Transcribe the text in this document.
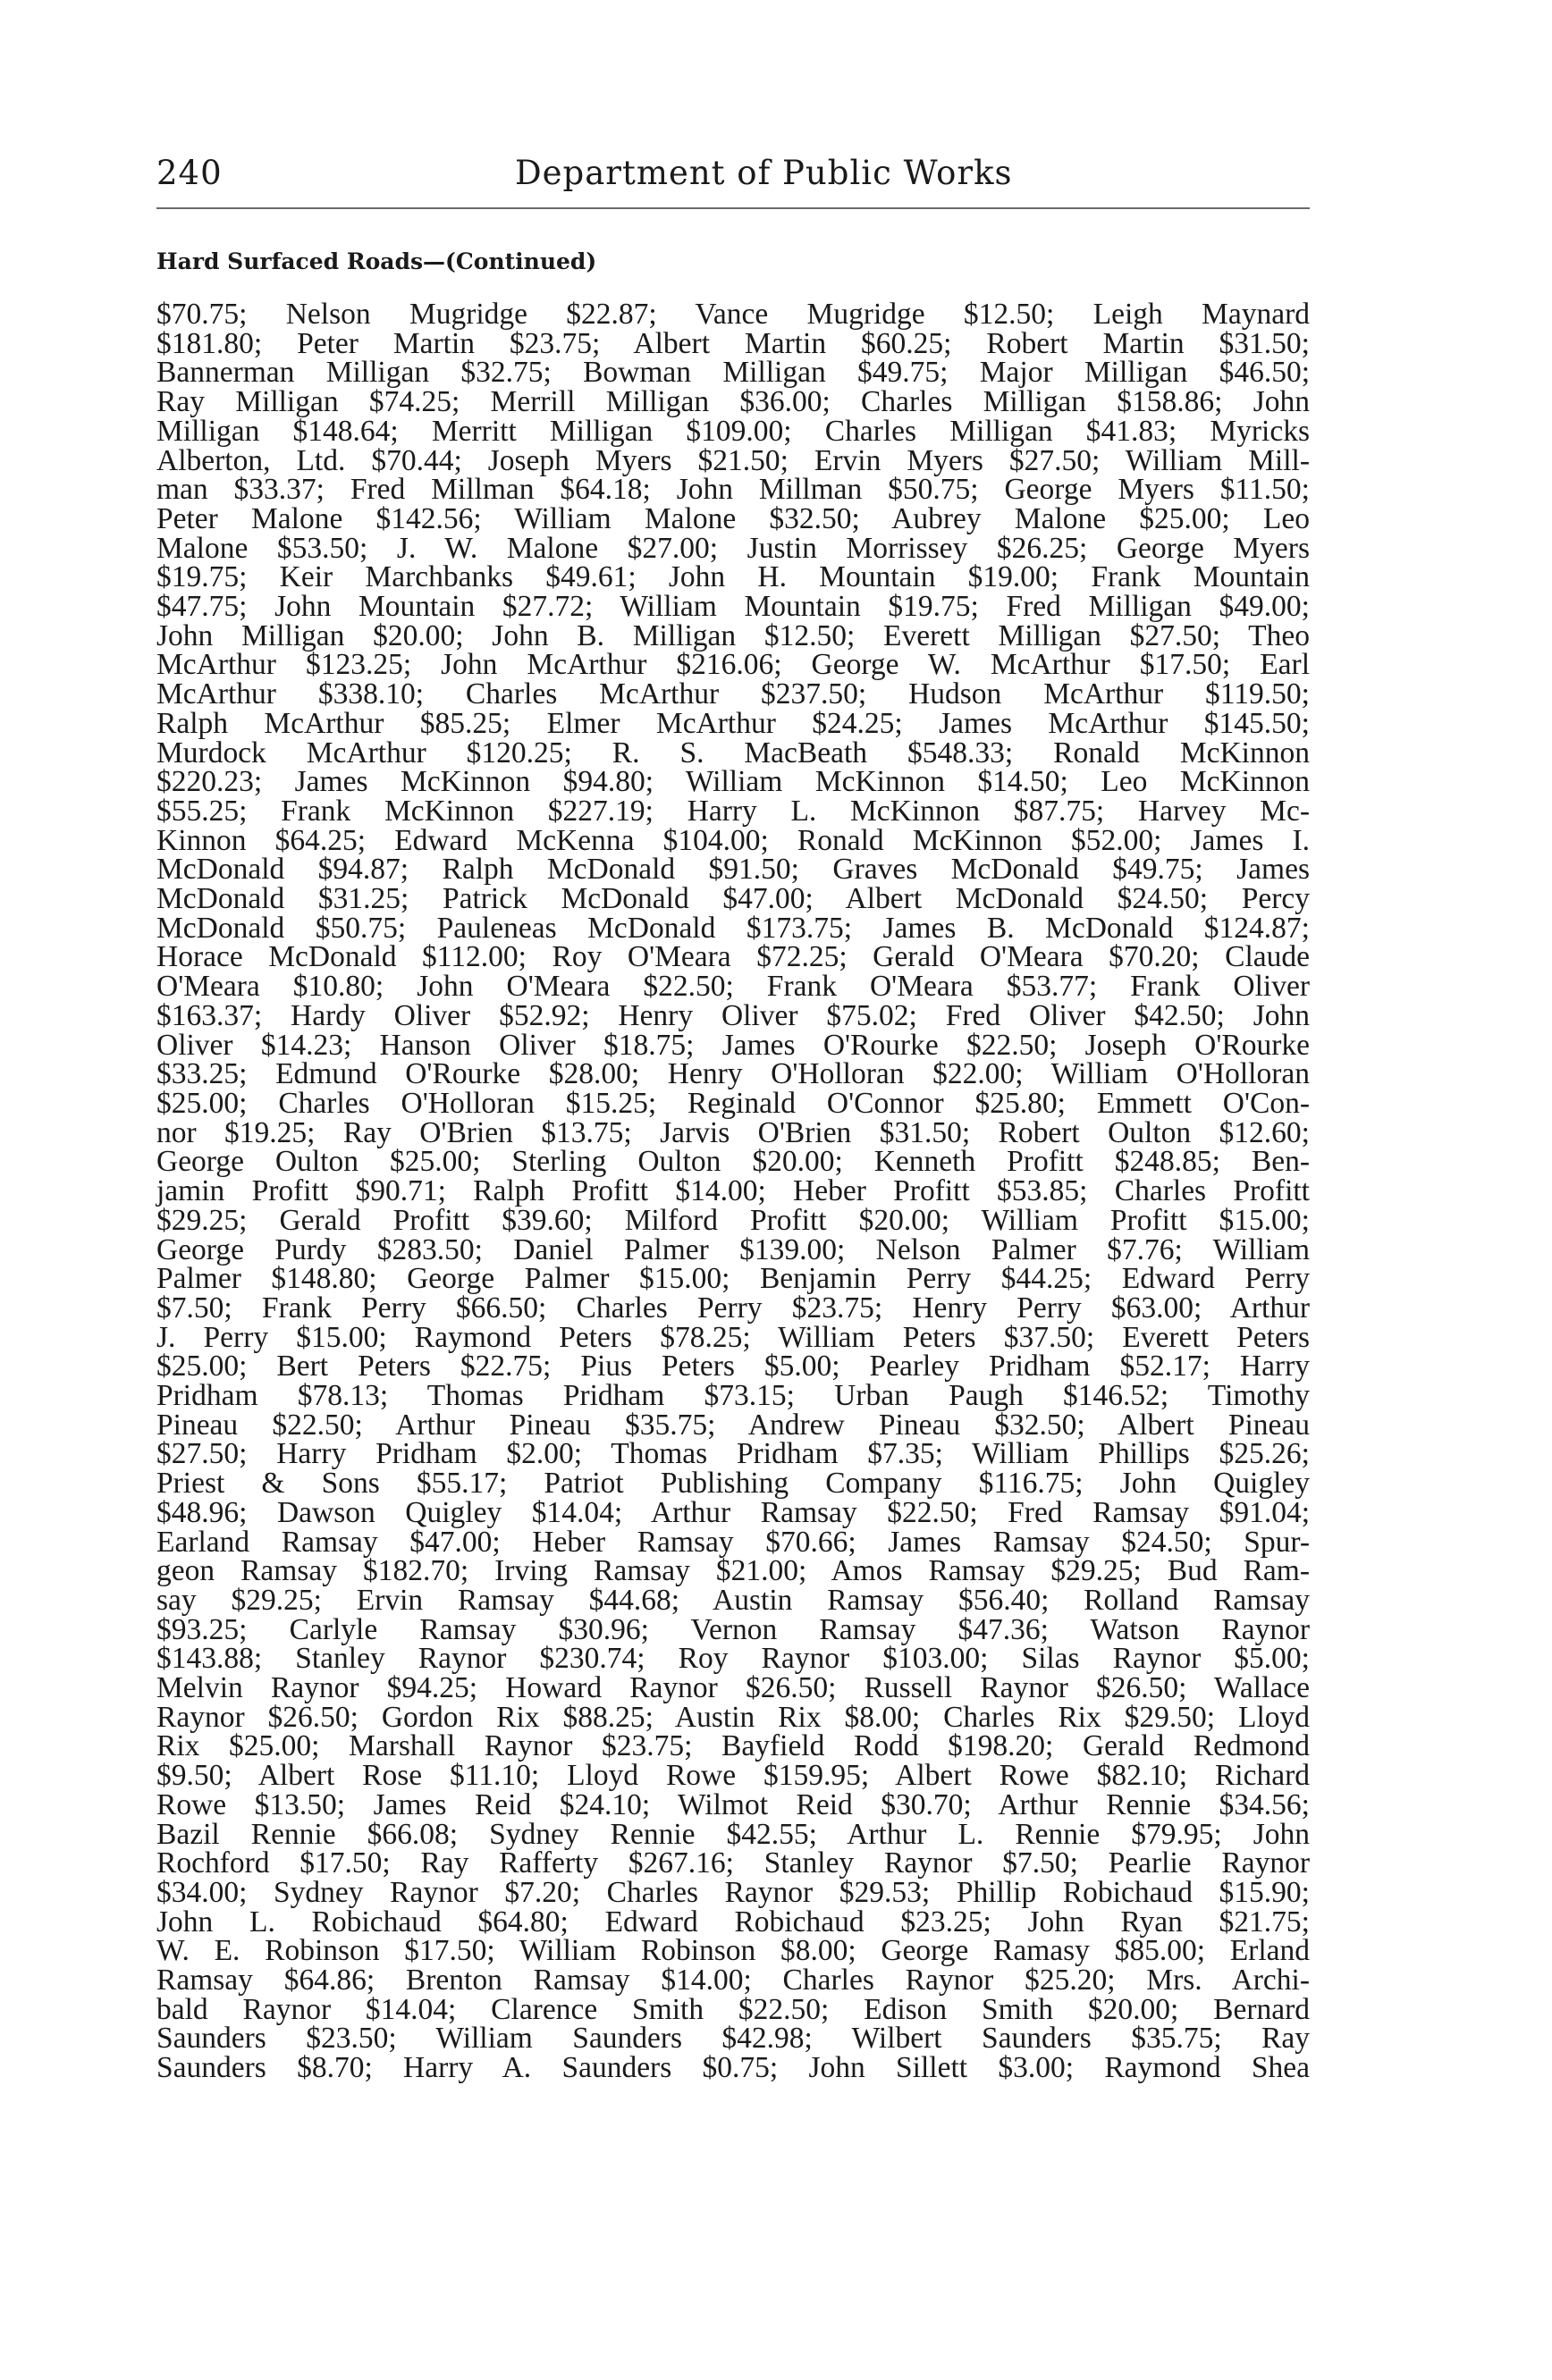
240	Department of Public Works
Hard Surfaced Roads—(Continued)
$70.75; Nelson Mugridge $22.87; Vance Mugridge $12.50; Leigh Maynard
$181.80; Peter Martin $23.75; Albert Martin $60.25; Robert Martin $31.50;
Bannerman Milligan $32.75; Bowman Milligan $49.75; Major Milligan $46.50;
Ray Milligan $74.25; Merrill Milligan $36.00; Charles Milligan $158.86; John
Milligan $148.64; Merritt Milligan $109.00; Charles Milligan $41.83; Myricks
Alberton, Ltd. $70.44; Joseph Myers $21.50; Ervin Myers $27.50; William Mill-
man $33.37; Fred Millman $64.18; John Millman $50.75; George Myers $11.50;
Peter Malone $142.56; William Malone $32.50; Aubrey Malone $25.00; Leo
Malone $53.50; J. W. Malone $27.00; Justin Morrissey $26.25; George Myers
$19.75; Keir Marchbanks $49.61; John H. Mountain $19.00; Frank Mountain
$47.75; John Mountain $27.72; William Mountain $19.75; Fred Milligan $49.00;
John Milligan $20.00; John B. Milligan $12.50; Everett Milligan $27.50; Theo
McArthur $123.25; John McArthur $216.06; George W. McArthur $17.50; Earl
McArthur $338.10; Charles McArthur $237.50; Hudson McArthur $119.50;
Ralph McArthur $85.25; Elmer McArthur $24.25; James McArthur $145.50;
Murdock McArthur $120.25; R. S. MacBeath $548.33; Ronald McKinnon
$220.23; James McKinnon $94.80; William McKinnon $14.50; Leo McKinnon
$55.25; Frank McKinnon $227.19; Harry L. McKinnon $87.75; Harvey Mc-
Kinnon $64.25; Edward McKenna $104.00; Ronald McKinnon $52.00; James I.
McDonald $94.87; Ralph McDonald $91.50; Graves McDonald $49.75; James
McDonald $31.25; Patrick McDonald $47.00; Albert McDonald $24.50; Percy
McDonald $50.75; Pauleneas McDonald $173.75; James B. McDonald $124.87;
Horace McDonald $112.00; Roy O'Meara $72.25; Gerald O'Meara $70.20; Claude
O'Meara $10.80; John O'Meara $22.50; Frank O'Meara $53.77; Frank Oliver
$163.37; Hardy Oliver $52.92; Henry Oliver $75.02; Fred Oliver $42.50; John
Oliver $14.23; Hanson Oliver $18.75; James O'Rourke $22.50; Joseph O'Rourke
$33.25; Edmund O'Rourke $28.00; Henry O'Holloran $22.00; William O'Holloran
$25.00; Charles O'Holloran $15.25; Reginald O'Connor $25.80; Emmett O'Con-
nor $19.25; Ray O'Brien $13.75; Jarvis O'Brien $31.50; Robert Oulton $12.60;
George Oulton $25.00; Sterling Oulton $20.00; Kenneth Profitt $248.85; Ben-
jamin Profitt $90.71; Ralph Profitt $14.00; Heber Profitt $53.85; Charles Profitt
$29.25; Gerald Profitt $39.60; Milford Profitt $20.00; William Profitt $15.00;
George Purdy $283.50; Daniel Palmer $139.00; Nelson Palmer $7.76; William
Palmer $148.80; George Palmer $15.00; Benjamin Perry $44.25; Edward Perry
$7.50; Frank Perry $66.50; Charles Perry $23.75; Henry Perry $63.00; Arthur
J. Perry $15.00; Raymond Peters $78.25; William Peters $37.50; Everett Peters
$25.00; Bert Peters $22.75; Pius Peters $5.00; Pearley Pridham $52.17; Harry
Pridham $78.13; Thomas Pridham $73.15; Urban Paugh $146.52; Timothy
Pineau $22.50; Arthur Pineau $35.75; Andrew Pineau $32.50; Albert Pineau
$27.50; Harry Pridham $2.00; Thomas Pridham $7.35; William Phillips $25.26;
Priest & Sons $55.17; Patriot Publishing Company $116.75; John Quigley
$48.96; Dawson Quigley $14.04; Arthur Ramsay $22.50; Fred Ramsay $91.04;
Earland Ramsay $47.00; Heber Ramsay $70.66; James Ramsay $24.50; Spur-
geon Ramsay $182.70; Irving Ramsay $21.00; Amos Ramsay $29.25; Bud Ram-
say $29.25; Ervin Ramsay $44.68; Austin Ramsay $56.40; Rolland Ramsay
$93.25; Carlyle Ramsay $30.96; Vernon Ramsay $47.36; Watson Raynor
$143.88; Stanley Raynor $230.74; Roy Raynor $103.00; Silas Raynor $5.00;
Melvin Raynor $94.25; Howard Raynor $26.50; Russell Raynor $26.50; Wallace
Raynor $26.50; Gordon Rix $88.25; Austin Rix $8.00; Charles Rix $29.50; Lloyd
Rix $25.00; Marshall Raynor $23.75; Bayfield Rodd $198.20; Gerald Redmond
$9.50; Albert Rose $11.10; Lloyd Rowe $159.95; Albert Rowe $82.10; Richard
Rowe $13.50; James Reid $24.10; Wilmot Reid $30.70; Arthur Rennie $34.56;
Bazil Rennie $66.08; Sydney Rennie $42.55; Arthur L. Rennie $79.95; John
Rochford $17.50; Ray Rafferty $267.16; Stanley Raynor $7.50; Pearlie Raynor
$34.00; Sydney Raynor $7.20; Charles Raynor $29.53; Phillip Robichaud $15.90;
John L. Robichaud $64.80; Edward Robichaud $23.25; John Ryan $21.75;
W. E. Robinson $17.50; William Robinson $8.00; George Ramasy $85.00; Erland
Ramsay $64.86; Brenton Ramsay $14.00; Charles Raynor $25.20; Mrs. Archi-
bald Raynor $14.04; Clarence Smith $22.50; Edison Smith $20.00; Bernard
Saunders $23.50; William Saunders $42.98; Wilbert Saunders $35.75; Ray
Saunders $8.70; Harry A. Saunders $0.75; John Sillett $3.00; Raymond Shea
